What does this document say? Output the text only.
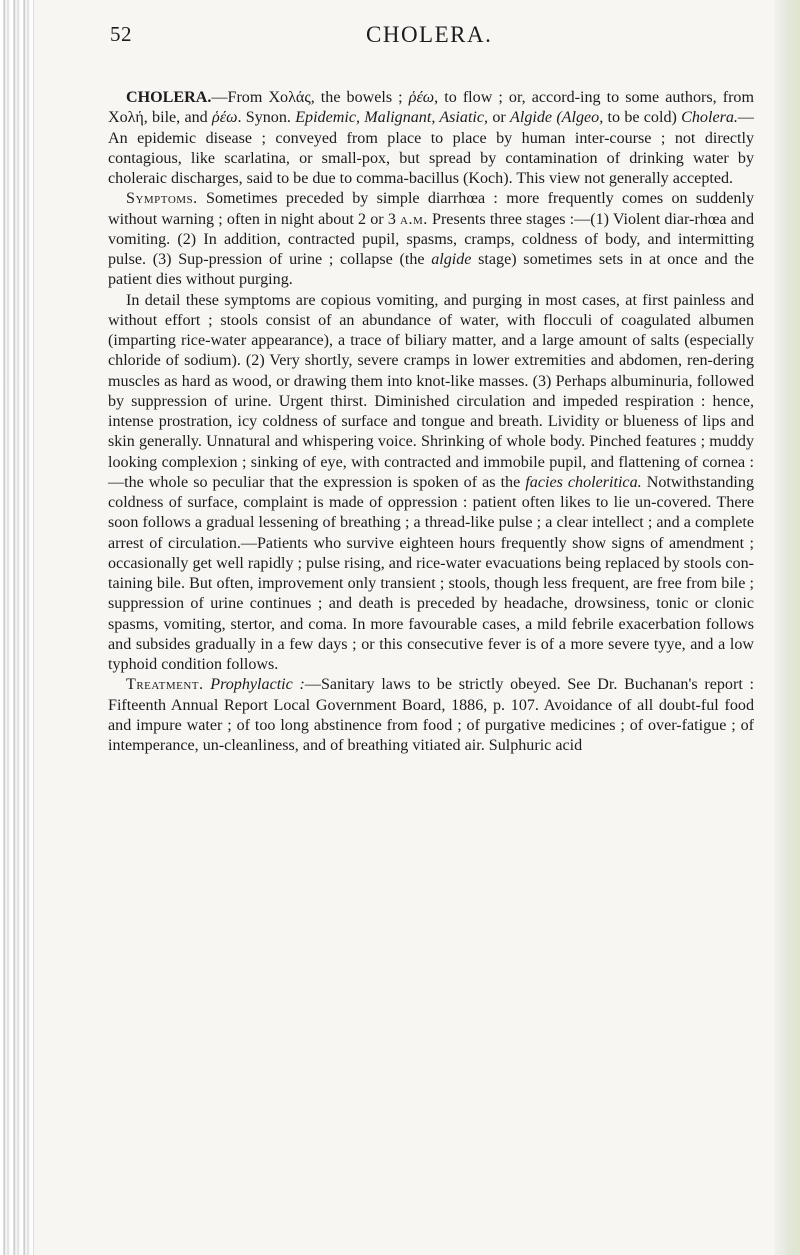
52	CHOLERA.

CHOLERA.—From Χολάς, the bowels ; ῥέω, to flow ; or, accord-ing to some authors, from Χολή, bile, and ῥέω. Synon. Epidemic, Malignant, Asiatic, or Algide (Algeo, to be cold) Cholera.—An epidemic disease ; conveyed from place to place by human inter-course ; not directly contagious, like scarlatina, or small-pox, but spread by contamination of drinking water by choleraic discharges, said to be due to comma-bacillus (Koch). This view not generally accepted.

Symptoms. Sometimes preceded by simple diarrhœa : more frequently comes on suddenly without warning ; often in night about 2 or 3 a.m. Presents three stages :—(1) Violent diar-rhœa and vomiting. (2) In addition, contracted pupil, spasms, cramps, coldness of body, and intermitting pulse. (3) Sup-pression of urine ; collapse (the algide stage) sometimes sets in at once and the patient dies without purging.

In detail these symptoms are copious vomiting, and purging in most cases, at first painless and without effort ; stools consist of an abundance of water, with flocculi of coagulated albumen (imparting rice-water appearance), a trace of biliary matter, and a large amount of salts (especially chloride of sodium). (2) Very shortly, severe cramps in lower extremities and abdomen, ren-dering muscles as hard as wood, or drawing them into knot-like masses. (3) Perhaps albuminuria, followed by suppression of urine. Urgent thirst. Diminished circulation and impeded respiration : hence, intense prostration, icy coldness of surface and tongue and breath. Lividity or blueness of lips and skin generally. Unnatural and whispering voice. Shrinking of whole body. Pinched features ; muddy looking complexion ; sinking of eye, with contracted and immobile pupil, and flattening of cornea :—the whole so peculiar that the expression is spoken of as the facies choleritica. Notwithstanding coldness of surface, complaint is made of oppression : patient often likes to lie un-covered. There soon follows a gradual lessening of breathing ; a thread-like pulse ; a clear intellect ; and a complete arrest of circulation.—Patients who survive eighteen hours frequently show signs of amendment ; occasionally get well rapidly ; pulse rising, and rice-water evacuations being replaced by stools con-taining bile. But often, improvement only transient ; stools, though less frequent, are free from bile ; suppression of urine continues ; and death is preceded by headache, drowsiness, tonic or clonic spasms, vomiting, stertor, and coma. In more favourable cases, a mild febrile exacerbation follows and subsides gradually in a few days ; or this consecutive fever is of a more severe tyye, and a low typhoid condition follows.

Treatment. Prophylactic :—Sanitary laws to be strictly obeyed. See Dr. Buchanan's report : Fifteenth Annual Report Local Government Board, 1886, p. 107. Avoidance of all doubt-ful food and impure water ; of too long abstinence from food ; of purgative medicines ; of over-fatigue ; of intemperance, un-cleanliness, and of breathing vitiated air. Sulphuric acid
